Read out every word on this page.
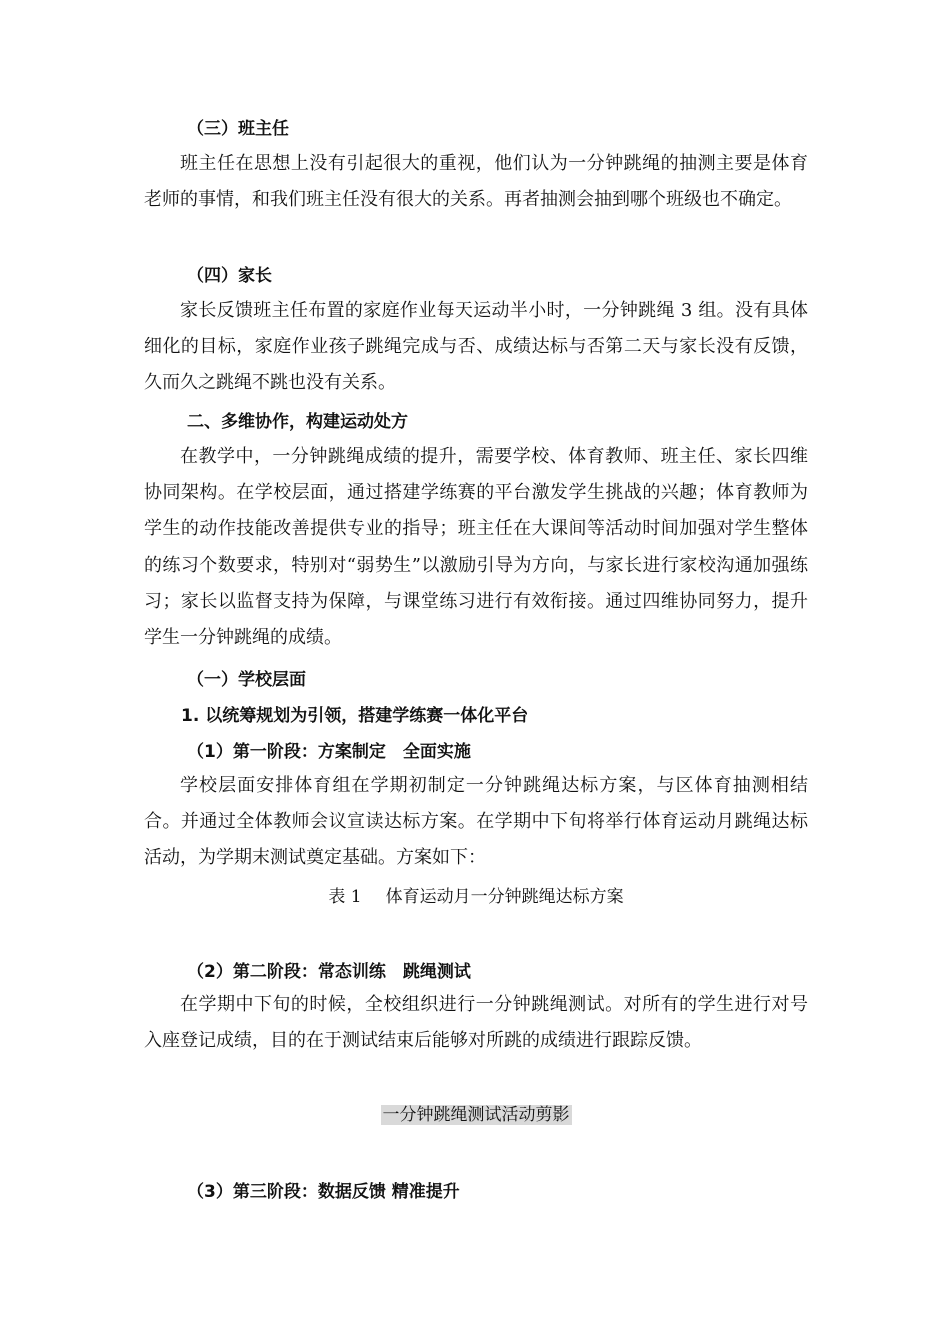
（三）班主任
班主任在思想上没有引起很大的重视，他们认为一分钟跳绳的抽测主要是体育老师的事情，和我们班主任没有很大的关系。再者抽测会抽到哪个班级也不确定。
（四）家长
家长反馈班主任布置的家庭作业每天运动半小时，一分钟跳绳 3 组。没有具体细化的目标，家庭作业孩子跳绳完成与否、成绩达标与否第二天与家长没有反馈，久而久之跳绳不跳也没有关系。
二、多维协作，构建运动处方
在教学中，一分钟跳绳成绩的提升，需要学校、体育教师、班主任、家长四维协同架构。在学校层面，通过搭建学练赛的平台激发学生挑战的兴趣；体育教师为学生的动作技能改善提供专业的指导；班主任在大课间等活动时间加强对学生整体的练习个数要求，特别对“弱势生”以激励引导为方向，与家长进行家校沟通加强练习；家长以监督支持为保障，与课堂练习进行有效衔接。通过四维协同努力，提升学生一分钟跳绳的成绩。
（一）学校层面
1. 以统筹规划为引领，搭建学练赛一体化平台
（1）第一阶段：方案制定　全面实施
学校层面安排体育组在学期初制定一分钟跳绳达标方案，与区体育抽测相结合。并通过全体教师会议宣读达标方案。在学期中下旬将举行体育运动月跳绳达标活动，为学期末测试奠定基础。方案如下：
表 1 体育运动月一分钟跳绳达标方案
（2）第二阶段：常态训练　跳绳测试
在学期中下旬的时候，全校组织进行一分钟跳绳测试。对所有的学生进行对号入座登记成绩，目的在于测试结束后能够对所跳的成绩进行跟踪反馈。
一分钟跳绳测试活动剪影
（3）第三阶段：数据反馈 精准提升
